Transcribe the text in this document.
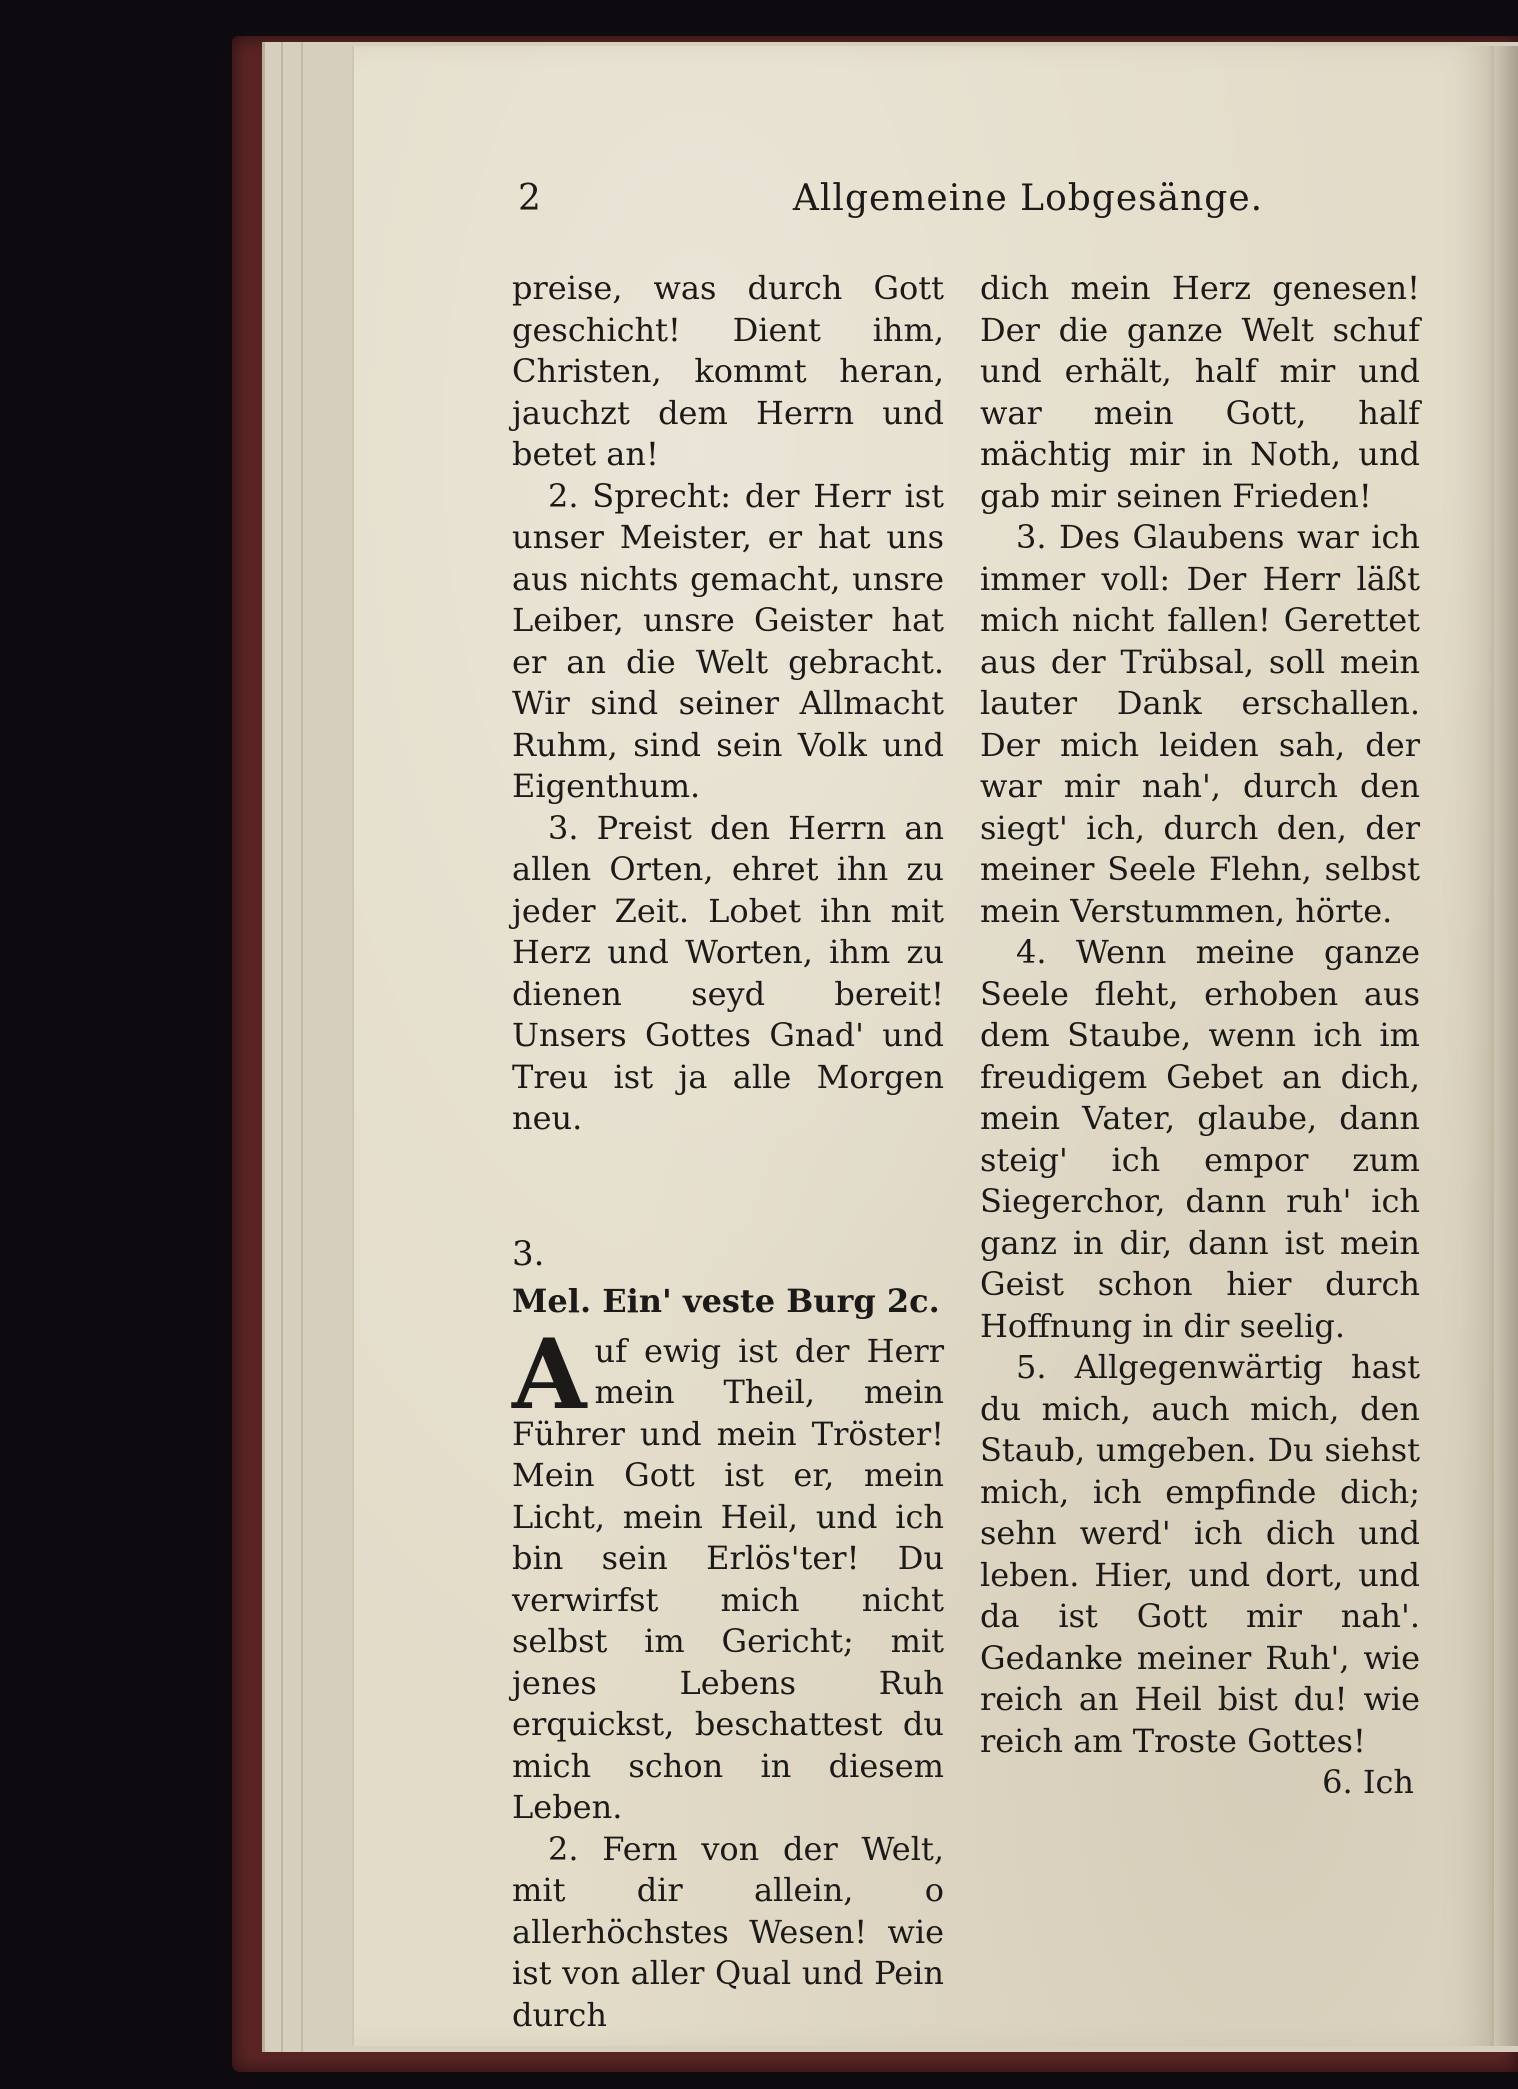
2	Allgemeine Lobgesänge.

preise, was durch Gott geschicht! Dient ihm, Christen, kommt heran, jauchzt dem Herrn und betet an!

2. Sprecht: der Herr ist unser Meister, er hat uns aus nichts gemacht, unsre Leiber, unsre Geister hat er an die Welt gebracht. Wir sind seiner Allmacht Ruhm, sind sein Volk und Eigenthum.

3. Preist den Herrn an allen Orten, ehret ihn zu jeder Zeit. Lobet ihn mit Herz und Worten, ihm zu dienen seyd bereit! Unsers Gottes Gnad' und Treu ist ja alle Morgen neu.

3.

Mel. Ein' veste Burg 2c.

Auf ewig ist der Herr mein Theil, mein Führer und mein Tröster! Mein Gott ist er, mein Licht, mein Heil, und ich bin sein Erlös'ter! Du verwirfst mich nicht selbst im Gericht; mit jenes Lebens Ruh erquickst, beschattest du mich schon in diesem Leben.

2. Fern von der Welt, mit dir allein, o allerhöchstes Wesen! wie ist von aller Qual und Pein durch

dich mein Herz genesen! Der die ganze Welt schuf und erhält, half mir und war mein Gott, half mächtig mir in Noth, und gab mir seinen Frieden!

3. Des Glaubens war ich immer voll: Der Herr läßt mich nicht fallen! Gerettet aus der Trübsal, soll mein lauter Dank erschallen. Der mich leiden sah, der war mir nah', durch den siegt' ich, durch den, der meiner Seele Flehn, selbst mein Verstummen, hörte.

4. Wenn meine ganze Seele fleht, erhoben aus dem Staube, wenn ich im freudigem Gebet an dich, mein Vater, glaube, dann steig' ich empor zum Siegerchor, dann ruh' ich ganz in dir, dann ist mein Geist schon hier durch Hoffnung in dir seelig.

5. Allgegenwärtig hast du mich, auch mich, den Staub, umgeben. Du siehst mich, ich empfinde dich; sehn werd' ich dich und leben. Hier, und dort, und da ist Gott mir nah'. Gedanke meiner Ruh', wie reich an Heil bist du! wie reich am Troste Gottes!

6. Ich
